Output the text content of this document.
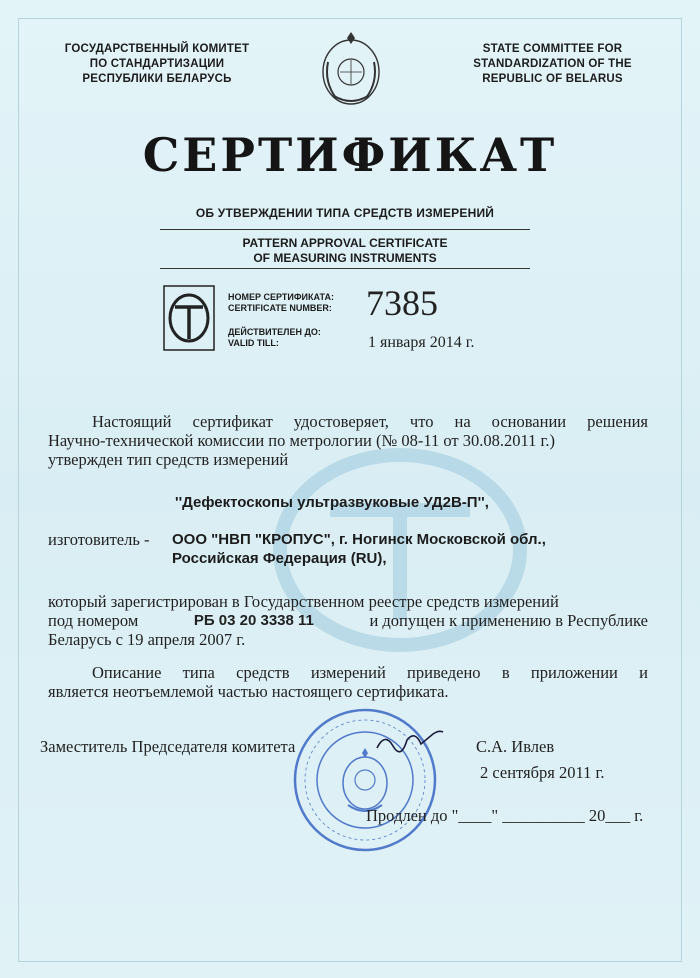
ГОСУДАРСТВЕННЫЙ КОМИТЕТ
ПО СТАНДАРТИЗАЦИИ
РЕСПУБЛИКИ БЕЛАРУСЬ
STATE COMMITTEE FOR
STANDARDIZATION OF THE
REPUBLIC OF BELARUS
СЕРТИФИКАТ
ОБ УТВЕРЖДЕНИИ ТИПА СРЕДСТВ ИЗМЕРЕНИЙ
PATTERN APPROVAL CERTIFICATE
OF MEASURING INSTRUMENTS
НОМЕР СЕРТИФИКАТА:
CERTIFICATE NUMBER: 7385
ДЕЙСТВИТЕЛЕН ДО:
VALID TILL:	1 января 2014 г.
Настоящий сертификат удостоверяет, что на основании решения
Научно-технической комиссии по метрологии (№ 08-11 от 30.08.2011 г.)
утвержден тип средств измерений
''Дефектоскопы ультразвуковые УД2В-П'',
изготовитель - ООО "НВП "КРОПУС", г. Ногинск Московской обл.,
Российская Федерация (RU),
который зарегистрирован в Государственном реестре средств измерений
под номером	РБ 03 20 3338 11	и допущен к применению в Республике
Беларусь с 19 апреля 2007 г.
Описание типа средств измерений приведено в приложении и
является неотъемлемой частью настоящего сертификата.
Заместитель Председателя комитета	С.А. Ивлев
2 сентября 2011 г.
Продлен до "____" __________ 20___ г.
